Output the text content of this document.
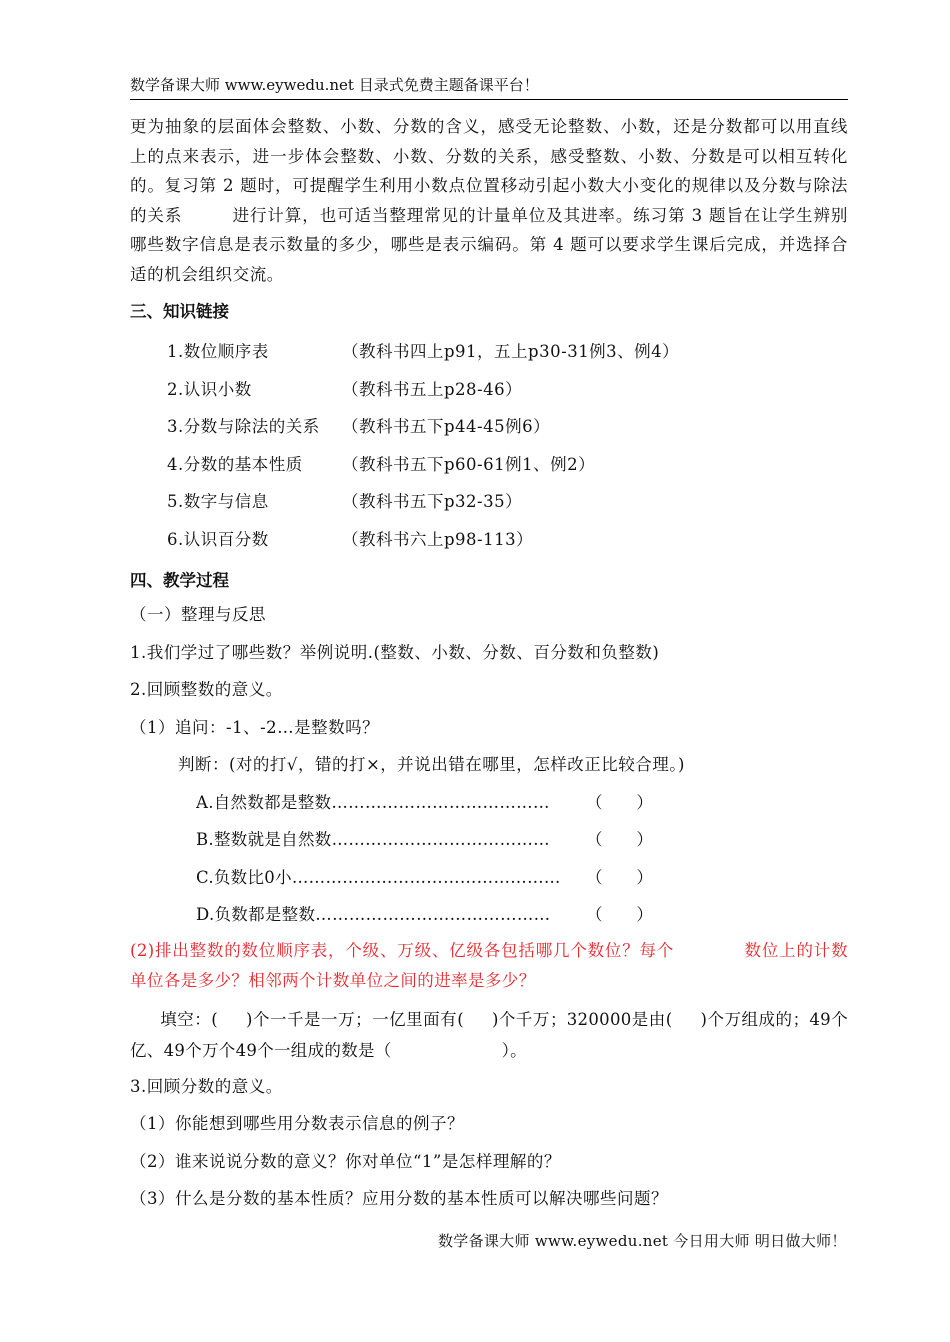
数学备课大师 www.eywedu.net 目录式免费主题备课平台！

更为抽象的层面体会整数、小数、分数的含义，感受无论整数、小数，还是分数都可以用直线上的点来表示，进一步体会整数、小数、分数的关系，感受整数、小数、分数是可以相互转化的。复习第 2 题时，可提醒学生利用小数点位置移动引起小数大小变化的规律以及分数与除法的关系	进行计算，也可适当整理常见的计量单位及其进率。练习第 3 题旨在让学生辨别哪些数字信息是表示数量的多少，哪些是表示编码。第 4 题可以要求学生课后完成，并选择合适的机会组织交流。

三、知识链接
1.数位顺序表	（教科书四上p91，五上p30-31例3、例4）
2.认识小数	（教科书五上p28-46）
3.分数与除法的关系	（教科书五下p44-45例6）
4.分数的基本性质	（教科书五下p60-61例1、例2）
5.数字与信息	（教科书五下p32-35）
6.认识百分数	（教科书六上p98-113）
四、教学过程

（一）整理与反思

1.我们学过了哪些数？举例说明.(整数、小数、分数、百分数和负整数)

2.回顾整数的意义。

（1）追问：-1、-2…是整数吗？

判断：(对的打√，错的打×，并说出错在哪里，怎样改正比较合理。)

A.自然数都是整数…………………………………	（　　）
B.整数就是自然数…………………………………	（　　）
C.负数比0小…………………………………………	（　　）
D.负数都是整数……………………………………	（　　）

(2)排出整数的数位顺序表，个级、万级、亿级各包括哪几个数位？每个	数位上的计数单位各是多少？相邻两个计数单位之间的进率是多少？

填空：( )个一千是一万；一亿里面有( )个千万；320000是由( )个万组成的；49个亿、49个万个49个一组成的数是（	）。

3.回顾分数的意义。

（1）你能想到哪些用分数表示信息的例子？

（2）谁来说说分数的意义？你对单位“1”是怎样理解的？

（3）什么是分数的基本性质？应用分数的基本性质可以解决哪些问题？

数学备课大师 www.eywedu.net 今日用大师 明日做大师！
